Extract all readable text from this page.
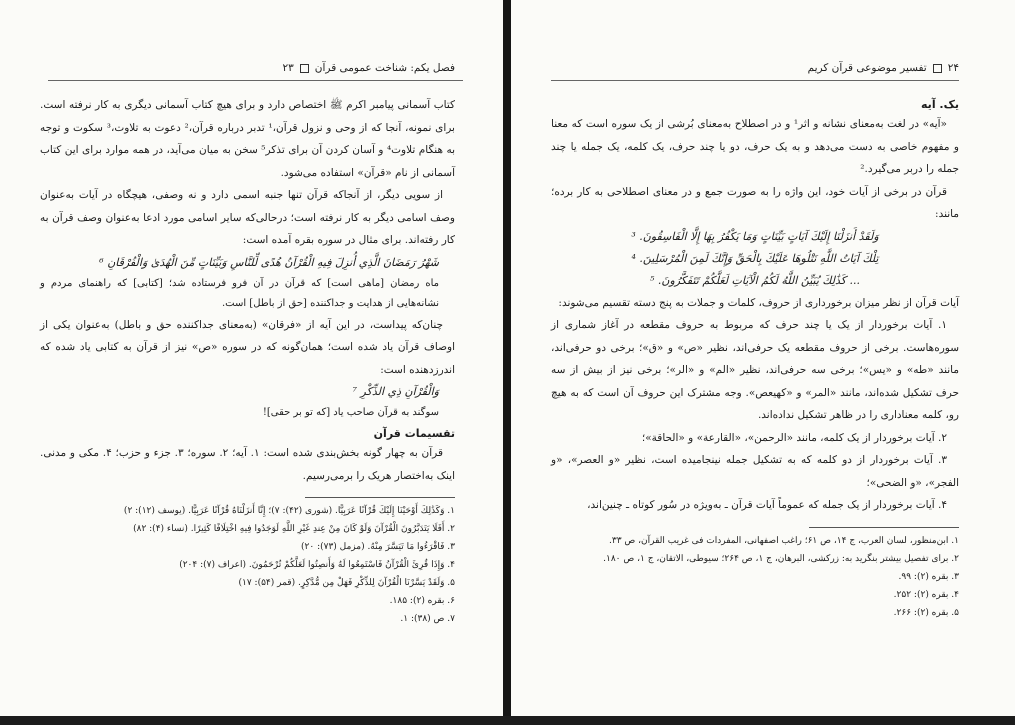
فصل یکم: شناخت عمومی قرآن
۲۳

کتاب آسمانی پیامبر اکرم ﷺ اختصاص دارد و برای هیچ کتاب آسمانی دیگری به کار نرفته است. برای نمونه، آنجا که از وحی و نزول قرآن،¹ تدبر درباره قرآن،² دعوت به تلاوت،³ سکوت و توجه به هنگام تلاوت⁴ و آسان کردن آن برای تذکر⁵ سخن به میان می‌آید، در همه موارد برای این کتاب آسمانی از نام «قرآن» استفاده می‌شود.

از سویی دیگر، از آنجاکه قرآن تنها جنبه اسمی دارد و نه وصفی، هیچگاه در آیات به‌عنوان وصف اسامی دیگر به کار نرفته است؛ درحالی‌که سایر اسامی مورد ادعا به‌عنوان وصف قرآن به کار رفته‌اند. برای مثال در سوره بقره آمده است:

شَهْرُ رَمَضَانَ الَّذِي أُنزِلَ فِيهِ الْقُرْآنُ هُدًى لِّلنَّاسِ وَبَيِّنَاتٍ مِّنَ الْهُدَىٰ وَالْفُرْقَانِ ⁶

ماه رمضان [ماهی است] که قرآن در آن فرو فرستاده شد؛ [کتابی] که راهنمای مردم و نشانه‌هایی از هدایت و جداکننده [حق از باطل] است.

چنان‌که پیداست، در این آیه از «فرقان» (به‌معنای جداکننده حق و باطل) به‌عنوان یکی از اوصاف قرآن یاد شده است؛ همان‌گونه که در سوره «ص» نیز از قرآن به کتابی یاد شده که اندرزدهنده است:

وَالْقُرْآنِ ذِي الذِّكْرِ ⁷

سوگند به قرآن صاحب یاد [که تو بر حقی]!

تقسیمات قرآن

قرآن به چهار گونه بخش‌بندی شده است: ۱. آیه؛ ۲. سوره؛ ۳. جزء و حزب؛ ۴. مکی و مدنی. اینک به‌اختصار هریک را برمی‌رسیم.

۱. وَكَذَٰلِكَ أَوْحَيْنَا إِلَيْكَ قُرْآنًا عَرَبِيًّا. (شوری (۴۲): ۷)؛ إِنَّا أَنزَلْنَاهُ قُرْآنًا عَرَبِيًّا. (یوسف (۱۲): ۲)

۲. أَفَلَا يَتَدَبَّرُونَ الْقُرْآنَ وَلَوْ كَانَ مِنْ عِندِ غَيْرِ اللَّهِ لَوَجَدُوا فِيهِ اخْتِلَافًا كَثِيرًا. (نساء (۴): ۸۲)

۳. فَاقْرَءُوا مَا تَيَسَّرَ مِنْهُ. (مزمل (۷۳): ۲۰)

۴. وَإِذَا قُرِئَ الْقُرْآنُ فَاسْتَمِعُوا لَهُ وَأَنصِتُوا لَعَلَّكُمْ تُرْحَمُونَ. (اعراف (۷): ۲۰۴)

۵. وَلَقَدْ يَسَّرْنَا الْقُرْآنَ لِلذِّكْرِ فَهَلْ مِن مُّدَّكِرٍ. (قمر (۵۴): ۱۷)

۶. بقره (۲): ۱۸۵.

۷. ص (۳۸): ۱.

۲۴
تفسیر موضوعی قرآن کریم
یک. آیه

«آیه» در لغت به‌معنای نشانه و اثر¹ و در اصطلاح به‌معنای بُرشی از یک سوره است که معنا و مفهوم خاصی به دست می‌دهد و به یک حرف، دو یا چند حرف، یک کلمه، یک جمله یا چند جمله را دربر می‌گیرد.²

قرآن در برخی از آیات خود، این واژه را به صورت جمع و در معنای اصطلاحی به کار برده؛ مانند:

وَلَقَدْ أَنزَلْنَا إِلَيْكَ آيَاتٍ بَيِّنَاتٍ وَمَا يَكْفُرُ بِهَا إِلَّا الْفَاسِقُونَ. ³

تِلْكَ آيَاتُ اللَّهِ نَتْلُوهَا عَلَيْكَ بِالْحَقِّ وَإِنَّكَ لَمِنَ الْمُرْسَلِينَ. ⁴

... كَذَٰلِكَ يُبَيِّنُ اللَّهُ لَكُمُ الْآيَاتِ لَعَلَّكُمْ تَتَفَكَّرُونَ. ⁵

آیات قرآن از نظر میزان برخورداری از حروف، کلمات و جملات به پنج دسته تقسیم می‌شوند:

۱. آیات برخوردار از یک یا چند حرف که مربوط به حروف مقطعه در آغاز شماری از سوره‌هاست. برخی از حروف مقطعه یک حرفی‌اند، نظیر «ص» و «ق»؛ برخی دو حرفی‌اند، مانند «طه» و «یس»؛ برخی سه حرفی‌اند، نظیر «الم» و «الر»؛ برخی نیز از بیش از سه حرف تشکیل شده‌اند، مانند «المر» و «کهیعص». وجه مشترک این حروف آن است که به هیچ رو، کلمه معناداری را در ظاهر تشکیل نداده‌اند.

۲. آیات برخوردار از یک کلمه، مانند «الرحمن»، «القارعة» و «الحاقة»؛

۳. آیات برخوردار از دو کلمه که به تشکیل جمله نینجامیده است، نظیر «و العصر»، «و الفجر»، «و الضحی»؛

۴. آیات برخوردار از یک جمله که عموماً آیات قرآن ـ به‌ویژه در سُور کوتاه ـ چنین‌اند،

۱. ابن‌منظور، لسان العرب، ج ۱۴، ص ۶۱؛ راغب اصفهانی، المفردات فی غریب القرآن، ص ۳۳.

۲. برای تفصیل بیشتر بنگرید به: زرکشی، البرهان، ج ۱، ص ۲۶۴؛ سیوطی، الاتقان، ج ۱، ص ۱۸۰.

۳. بقره (۲): ۹۹.

۴. بقره (۲): ۲۵۲.

۵. بقره (۲): ۲۶۶.
